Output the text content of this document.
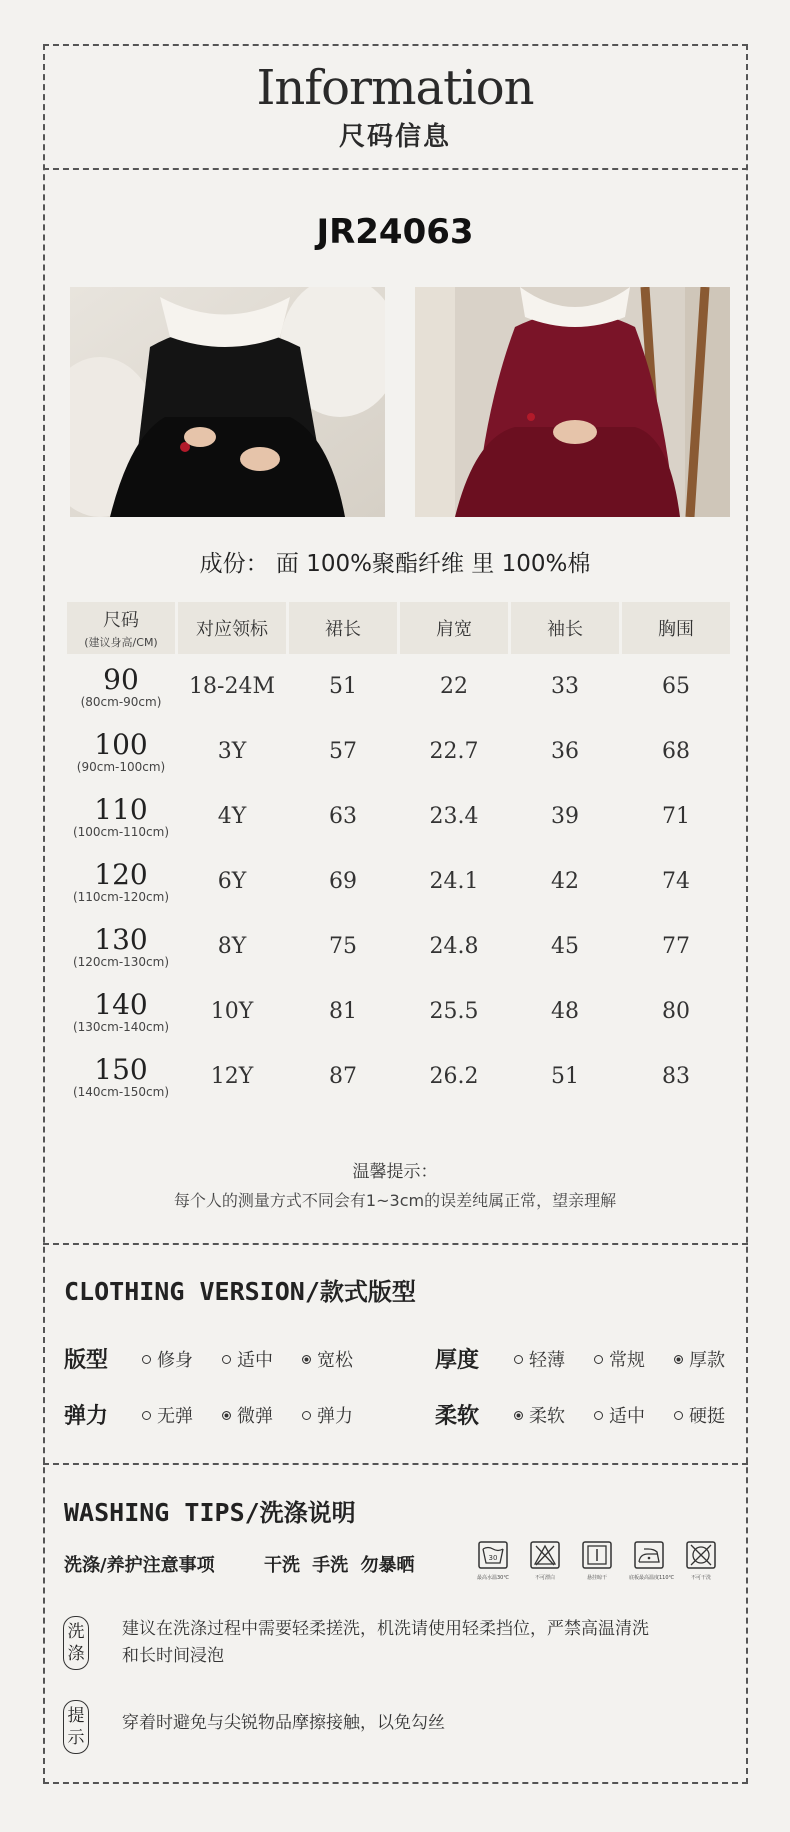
Information
尺码信息
JR24063
成份： 面 100%聚酯纤维 里 100%棉
尺码
(建议身高/CM)	对应领标	裙长	肩宽	袖长	胸围

90
(80cm-90cm)	18-24M	51	22	33	65

100
(90cm-100cm)	3Y	57	22.7	36	68

110
(100cm-110cm)	4Y	63	23.4	39	71

120
(110cm-120cm)	6Y	69	24.1	42	74

130
(120cm-130cm)	8Y	75	24.8	45	77

140
(130cm-140cm)	10Y	81	25.5	48	80

150
(140cm-150cm)	12Y	87	26.2	51	83
温馨提示：
每个人的测量方式不同会有1~3cm的误差纯属正常，望亲理解
CLOTHING VERSION/款式版型
版型	修身	适中	宽松	厚度	轻薄	常规	厚款
弹力	无弹	微弹	弹力	柔软	柔软	适中	硬挺
WASHING TIPS/洗涤说明
洗涤/养护注意事项	干洗 手洗 勿暴晒	30
最高水温30℃	不可漂白	悬挂晾干	底板最高温度110℃	不可干洗
洗涤
建议在洗涤过程中需要轻柔搓洗，机洗请使用轻柔挡位，严禁高温清洗和长时间浸泡
提示
穿着时避免与尖锐物品摩擦接触，以免勾丝
